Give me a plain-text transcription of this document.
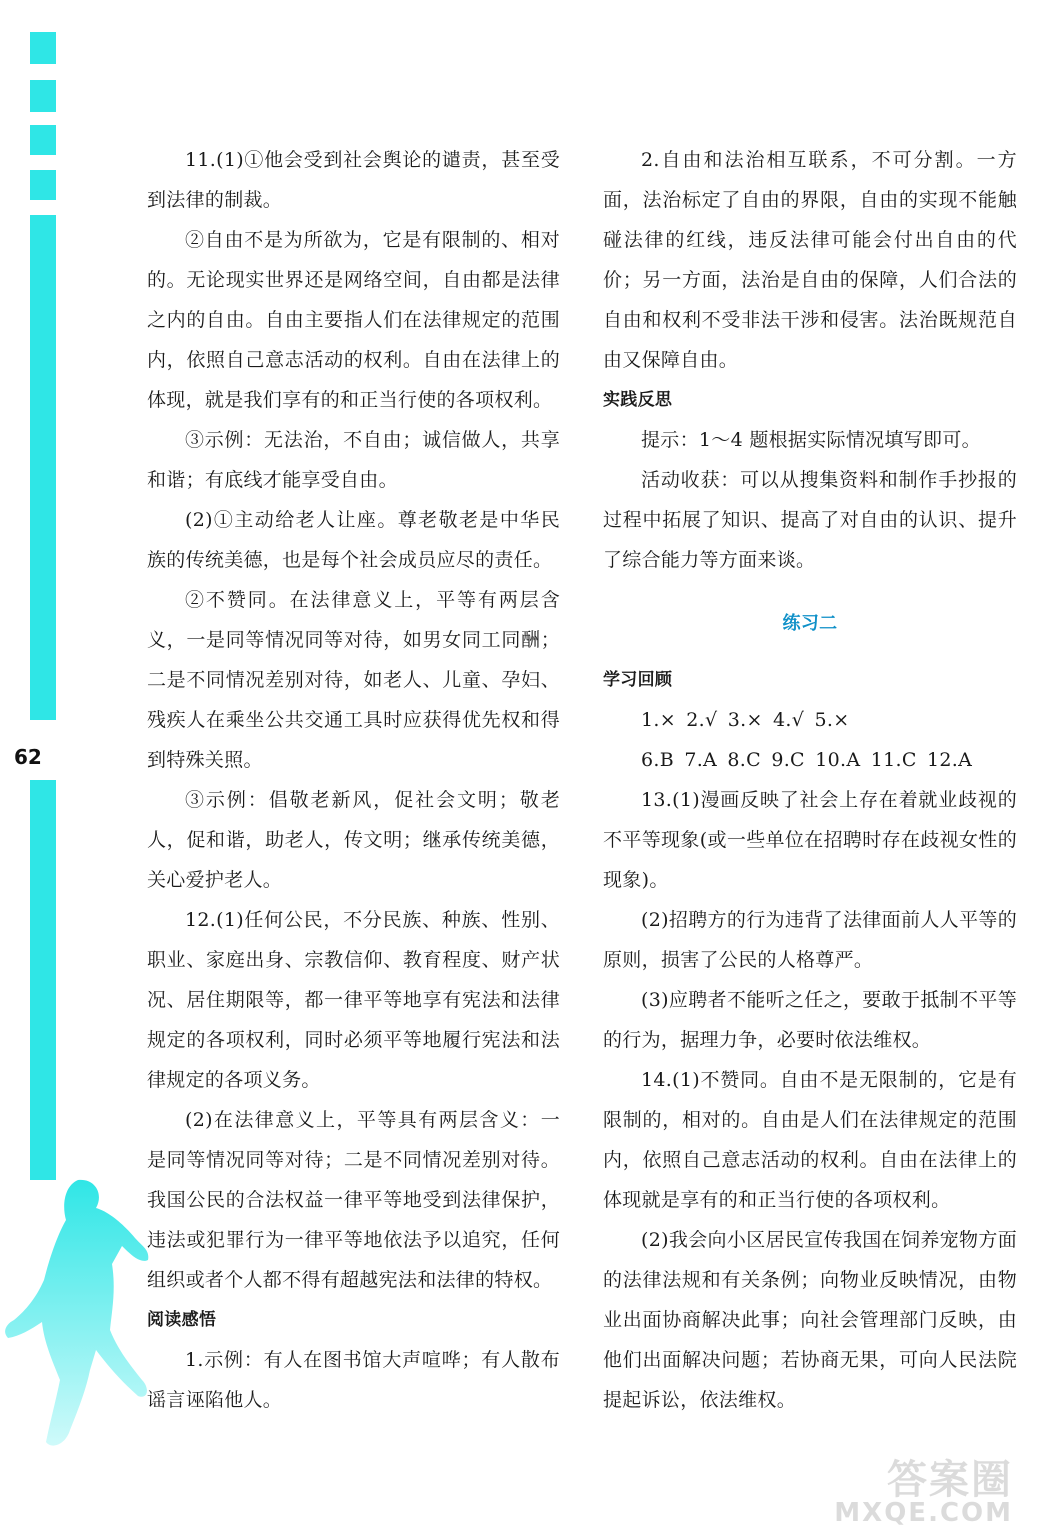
62

11.(1)①他会受到社会舆论的谴责，甚至受到法律的制裁。

②自由不是为所欲为，它是有限制的、相对的。无论现实世界还是网络空间，自由都是法律之内的自由。自由主要指人们在法律规定的范围内，依照自己意志活动的权利。自由在法律上的体现，就是我们享有的和正当行使的各项权利。

③示例：无法治，不自由；诚信做人，共享和谐；有底线才能享受自由。

(2)①主动给老人让座。尊老敬老是中华民族的传统美德，也是每个社会成员应尽的责任。

②不赞同。在法律意义上，平等有两层含义，一是同等情况同等对待，如男女同工同酬；二是不同情况差别对待，如老人、儿童、孕妇、残疾人在乘坐公共交通工具时应获得优先权和得到特殊关照。

③示例：倡敬老新风，促社会文明；敬老人，促和谐，助老人，传文明；继承传统美德，关心爱护老人。

12.(1)任何公民，不分民族、种族、性别、职业、家庭出身、宗教信仰、教育程度、财产状况、居住期限等，都一律平等地享有宪法和法律规定的各项权利，同时必须平等地履行宪法和法律规定的各项义务。

(2)在法律意义上，平等具有两层含义：一是同等情况同等对待；二是不同情况差别对待。我国公民的合法权益一律平等地受到法律保护，违法或犯罪行为一律平等地依法予以追究，任何组织或者个人都不得有超越宪法和法律的特权。

阅读感悟

1.示例：有人在图书馆大声喧哗；有人散布谣言诬陷他人。

2.自由和法治相互联系，不可分割。一方面，法治标定了自由的界限，自由的实现不能触碰法律的红线，违反法律可能会付出自由的代价；另一方面，法治是自由的保障，人们合法的自由和权利不受非法干涉和侵害。法治既规范自由又保障自由。

实践反思

提示：1～4 题根据实际情况填写即可。

活动收获：可以从搜集资料和制作手抄报的过程中拓展了知识、提高了对自由的认识、提升了综合能力等方面来谈。

练习二

学习回顾

1.× 2.√ 3.× 4.√ 5.×

6.B 7.A 8.C 9.C 10.A 11.C 12.A

13.(1)漫画反映了社会上存在着就业歧视的不平等现象(或一些单位在招聘时存在歧视女性的现象)。

(2)招聘方的行为违背了法律面前人人平等的原则，损害了公民的人格尊严。

(3)应聘者不能听之任之，要敢于抵制不平等的行为，据理力争，必要时依法维权。

14.(1)不赞同。自由不是无限制的，它是有限制的，相对的。自由是人们在法律规定的范围内，依照自己意志活动的权利。自由在法律上的体现就是享有的和正当行使的各项权利。

(2)我会向小区居民宣传我国在饲养宠物方面的法律法规和有关条例；向物业反映情况，由物业出面协商解决此事；向社会管理部门反映，由他们出面解决问题；若协商无果，可向人民法院提起诉讼，依法维权。

答案圈
MXQE.COM
